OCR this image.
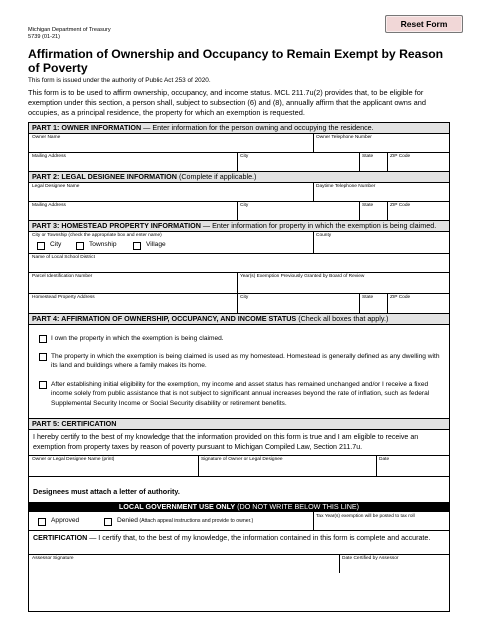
Reset Form
Michigan Department of Treasury
5739 (01-21)
Affirmation of Ownership and Occupancy to Remain Exempt by Reason of Poverty
This form is issued under the authority of Public Act 253 of 2020.
This form is to be used to affirm ownership, occupancy, and income status. MCL 211.7u(2) provides that, to be eligible for exemption under this section, a person shall, subject to subsection (6) and (8), annually affirm that the applicant owns and occupies, as a principal residence, the property for which an exemption is requested.
PART 1: OWNER INFORMATION — Enter information for the person owning and occupying the residence.
Owner Name	Owner Telephone Number
Mailing Address	City	State	ZIP Code
PART 2: LEGAL DESIGNEE INFORMATION (Complete if applicable.)
Legal Designee Name	Daytime Telephone Number
Mailing Address	City	State	ZIP Code
PART 3: HOMESTEAD PROPERTY INFORMATION — Enter information for property in which the exemption is being claimed.
City or Township (check the appropriate box and enter name)
City	Township	Village
County
Name of Local School District
Parcel Identification Number	Year(s) Exemption Previously Granted by Board of Review
Homestead Property Address	City	State	ZIP Code
PART 4: AFFIRMATION OF OWNERSHIP, OCCUPANCY, AND INCOME STATUS (Check all boxes that apply.)
I own the property in which the exemption is being claimed.
The property in which the exemption is being claimed is used as my homestead. Homestead is generally defined as any dwelling with its land and buildings where a family makes its home.
After establishing initial eligibility for the exemption, my income and asset status has remained unchanged and/or I receive a fixed income solely from public assistance that is not subject to significant annual increases beyond the rate of inflation, such as federal Supplemental Security Income or Social Security disability or retirement benefits.
PART 5: CERTIFICATION
I hereby certify to the best of my knowledge that the information provided on this form is true and I am eligible to receive an exemption from property taxes by reason of poverty pursuant to Michigan Compiled Law, Section 211.7u.
Owner or Legal Designee Name (print)	Signature of Owner or Legal Designee	Date
Designees must attach a letter of authority.
LOCAL GOVERNMENT USE ONLY (DO NOT WRITE BELOW THIS LINE)
Approved	Denied (Attach appeal instructions and provide to owner.)
Tax Year(s) exemption will be posted to tax roll
CERTIFICATION — I certify that, to the best of my knowledge, the information contained in this form is complete and accurate.
Assessor Signature	Date Certified by Assessor
